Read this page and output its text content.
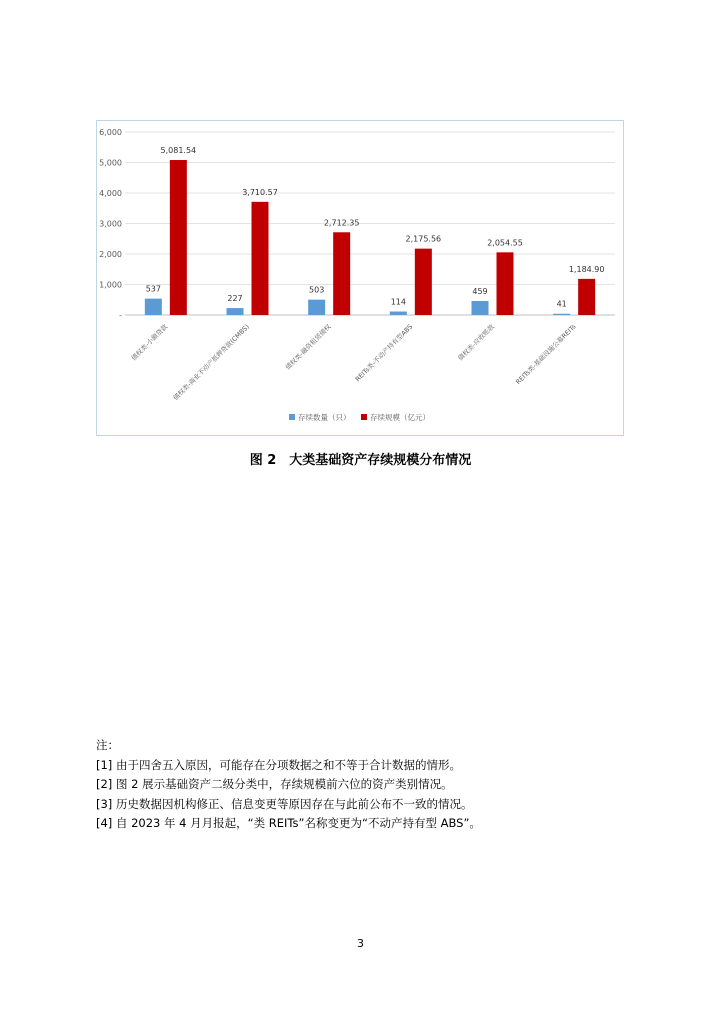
-
1,000
2,000
3,000
4,000
5,000
6,000
537
5,081.54
债权类-小额贷款
227
3,710.57
债权类-商业不动产抵押贷款(CMBS)
503
2,712.35
债权类-融资租赁债权
114
2,175.56
REITs类-不动产持有型ABS
459
2,054.55
债权类-应收账款
41
1,184.90
REITs类-基础设施公募REITs
存续数量（只）	存续规模（亿元）
图 2　大类基础资产存续规模分布情况
注：
[1] 由于四舍五入原因，可能存在分项数据之和不等于合计数据的情形。
[2] 图 2 展示基础资产二级分类中，存续规模前六位的资产类别情况。
[3] 历史数据因机构修正、信息变更等原因存在与此前公布不一致的情况。
[4] 自 2023 年 4 月月报起，“类 REITs”名称变更为“不动产持有型 ABS”。
3
